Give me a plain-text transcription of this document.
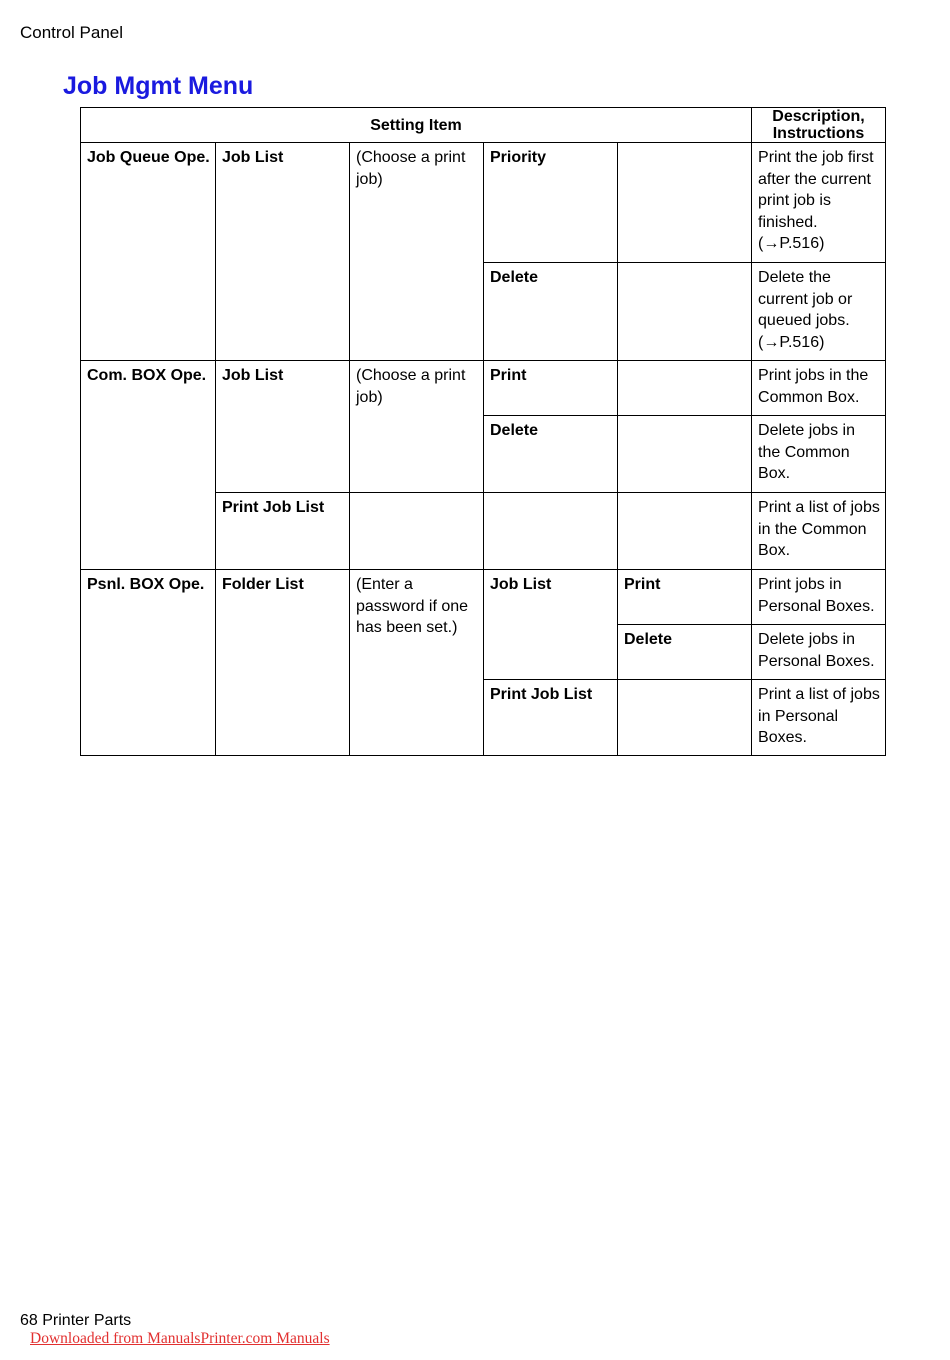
Control Panel
Job Mgmt Menu
Setting Item					Description, Instructions
Job Queue Ope.	Job List	(Choose a print job)	Priority		Print the job first after the current print job is finished. (→P.516)
			Delete		Delete the current job or queued jobs. (→P.516)
Com. BOX Ope.	Job List	(Choose a print job)	Print		Print jobs in the Common Box.
			Delete		Delete jobs in the Common Box.
	Print Job List				Print a list of jobs in the Common Box.
Psnl. BOX Ope.	Folder List	(Enter a password if one has been set.)	Job List	Print	Print jobs in Personal Boxes.
				Delete	Delete jobs in Personal Boxes.
			Print Job List		Print a list of jobs in Personal Boxes.
68 Printer Parts
Downloaded from ManualsPrinter.com Manuals
